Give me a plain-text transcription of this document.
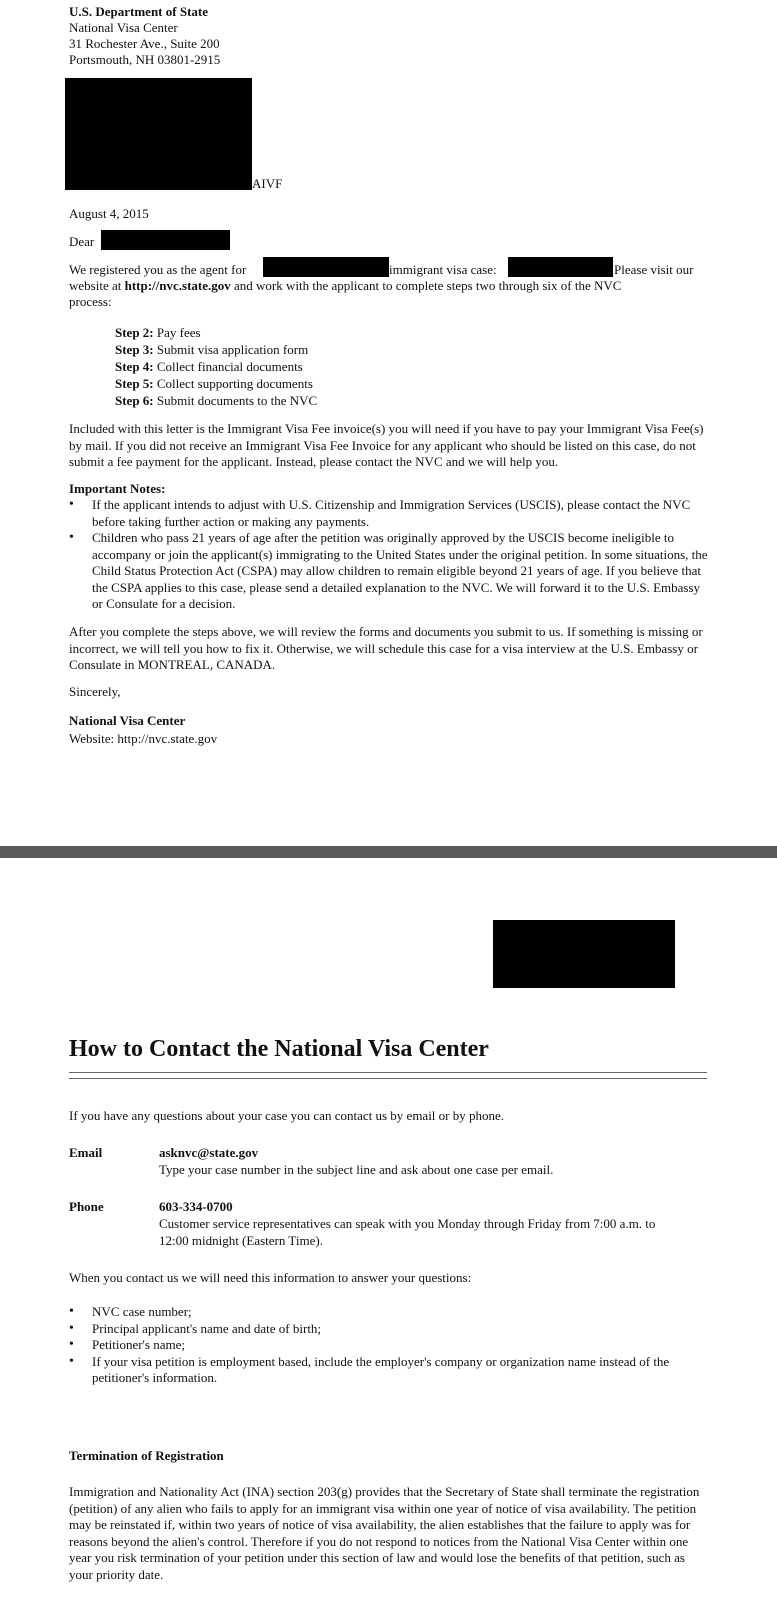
U.S. Department of State
National Visa Center
31 Rochester Ave., Suite 200
Portsmouth, NH 03801-2915
AIVF
August 4, 2015
Dear
We registered you as the agent for	immigrant visa case:	Please visit our
website at http://nvc.state.gov and work with the applicant to complete steps two through six of the NVC
process:
Step 2: Pay fees
Step 3: Submit visa application form
Step 4: Collect financial documents
Step 5: Collect supporting documents
Step 6: Submit documents to the NVC
Included with this letter is the Immigrant Visa Fee invoice(s) you will need if you have to pay your Immigrant Visa Fee(s) by mail. If you did not receive an Immigrant Visa Fee Invoice for any applicant who should be listed on this case, do not submit a fee payment for the applicant. Instead, please contact the NVC and we will help you.
Important Notes:
• If the applicant intends to adjust with U.S. Citizenship and Immigration Services (USCIS), please contact the NVC before taking further action or making any payments.
• Children who pass 21 years of age after the petition was originally approved by the USCIS become ineligible to accompany or join the applicant(s) immigrating to the United States under the original petition. In some situations, the Child Status Protection Act (CSPA) may allow children to remain eligible beyond 21 years of age. If you believe that the CSPA applies to this case, please send a detailed explanation to the NVC. We will forward it to the U.S. Embassy or Consulate for a decision.
After you complete the steps above, we will review the forms and documents you submit to us. If something is missing or incorrect, we will tell you how to fix it. Otherwise, we will schedule this case for a visa interview at the U.S. Embassy or Consulate in MONTREAL, CANADA.
Sincerely,
National Visa Center
Website: http://nvc.state.gov
How to Contact the National Visa Center
If you have any questions about your case you can contact us by email or by phone.
Email	asknvc@state.gov
Type your case number in the subject line and ask about one case per email.
Phone	603-334-0700
Customer service representatives can speak with you Monday through Friday from 7:00 a.m. to 12:00 midnight (Eastern Time).
When you contact us we will need this information to answer your questions:
• NVC case number;
• Principal applicant's name and date of birth;
• Petitioner's name;
• If your visa petition is employment based, include the employer's company or organization name instead of the petitioner's information.
Termination of Registration
Immigration and Nationality Act (INA) section 203(g) provides that the Secretary of State shall terminate the registration (petition) of any alien who fails to apply for an immigrant visa within one year of notice of visa availability. The petition may be reinstated if, within two years of notice of visa availability, the alien establishes that the failure to apply was for reasons beyond the alien's control. Therefore if you do not respond to notices from the National Visa Center within one year you risk termination of your petition under this section of law and would lose the benefits of that petition, such as your priority date.
